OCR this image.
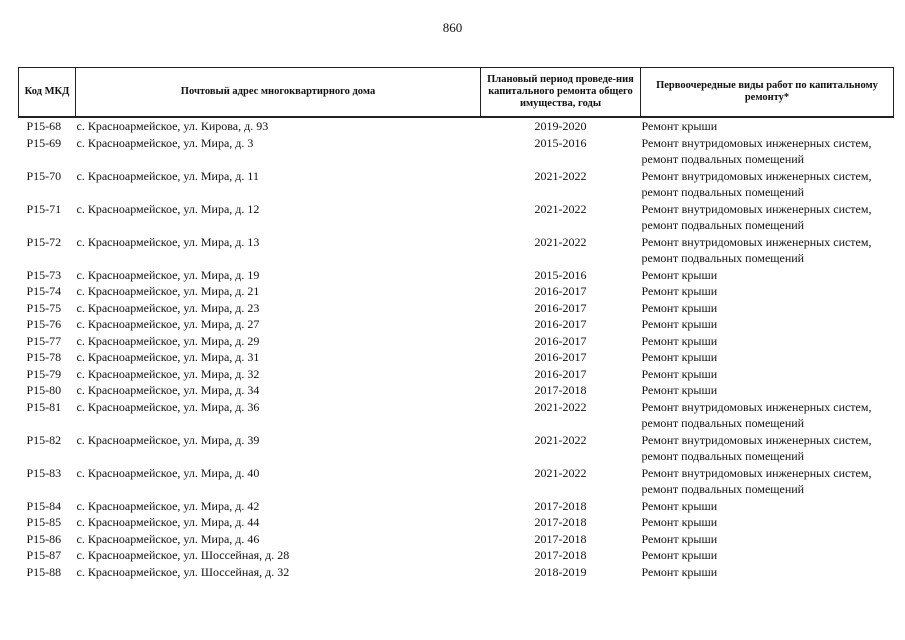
860
Код МКД	Почтовый адрес многоквартирного дома	Плановый период проведе-ния капитального ремонта общего имущества, годы	Первоочередные виды работ по капитальному ремонту*
Р15-68	с. Красноармейское, ул. Кирова, д. 93	2019-2020	Ремонт крыши

Р15-69	с. Красноармейское, ул. Мира, д. 3	2015-2016	Ремонт внутридомовых инженерных систем,
ремонт подвальных помещений

Р15-70	с. Красноармейское, ул. Мира, д. 11	2021-2022	Ремонт внутридомовых инженерных систем,
ремонт подвальных помещений

Р15-71	с. Красноармейское, ул. Мира, д. 12	2021-2022	Ремонт внутридомовых инженерных систем,
ремонт подвальных помещений

Р15-72	с. Красноармейское, ул. Мира, д. 13	2021-2022	Ремонт внутридомовых инженерных систем,
ремонт подвальных помещений

Р15-73	с. Красноармейское, ул. Мира, д. 19	2015-2016	Ремонт крыши

Р15-74	с. Красноармейское, ул. Мира, д. 21	2016-2017	Ремонт крыши

Р15-75	с. Красноармейское, ул. Мира, д. 23	2016-2017	Ремонт крыши

Р15-76	с. Красноармейское, ул. Мира, д. 27	2016-2017	Ремонт крыши

Р15-77	с. Красноармейское, ул. Мира, д. 29	2016-2017	Ремонт крыши

Р15-78	с. Красноармейское, ул. Мира, д. 31	2016-2017	Ремонт крыши

Р15-79	с. Красноармейское, ул. Мира, д. 32	2016-2017	Ремонт крыши

Р15-80	с. Красноармейское, ул. Мира, д. 34	2017-2018	Ремонт крыши

Р15-81	с. Красноармейское, ул. Мира, д. 36	2021-2022	Ремонт внутридомовых инженерных систем,
ремонт подвальных помещений

Р15-82	с. Красноармейское, ул. Мира, д. 39	2021-2022	Ремонт внутридомовых инженерных систем,
ремонт подвальных помещений

Р15-83	с. Красноармейское, ул. Мира, д. 40	2021-2022	Ремонт внутридомовых инженерных систем,
ремонт подвальных помещений

Р15-84	с. Красноармейское, ул. Мира, д. 42	2017-2018	Ремонт крыши

Р15-85	с. Красноармейское, ул. Мира, д. 44	2017-2018	Ремонт крыши

Р15-86	с. Красноармейское, ул. Мира, д. 46	2017-2018	Ремонт крыши

Р15-87	с. Красноармейское, ул. Шоссейная, д. 28	2017-2018	Ремонт крыши

Р15-88	с. Красноармейское, ул. Шоссейная, д. 32	2018-2019	Ремонт крыши
